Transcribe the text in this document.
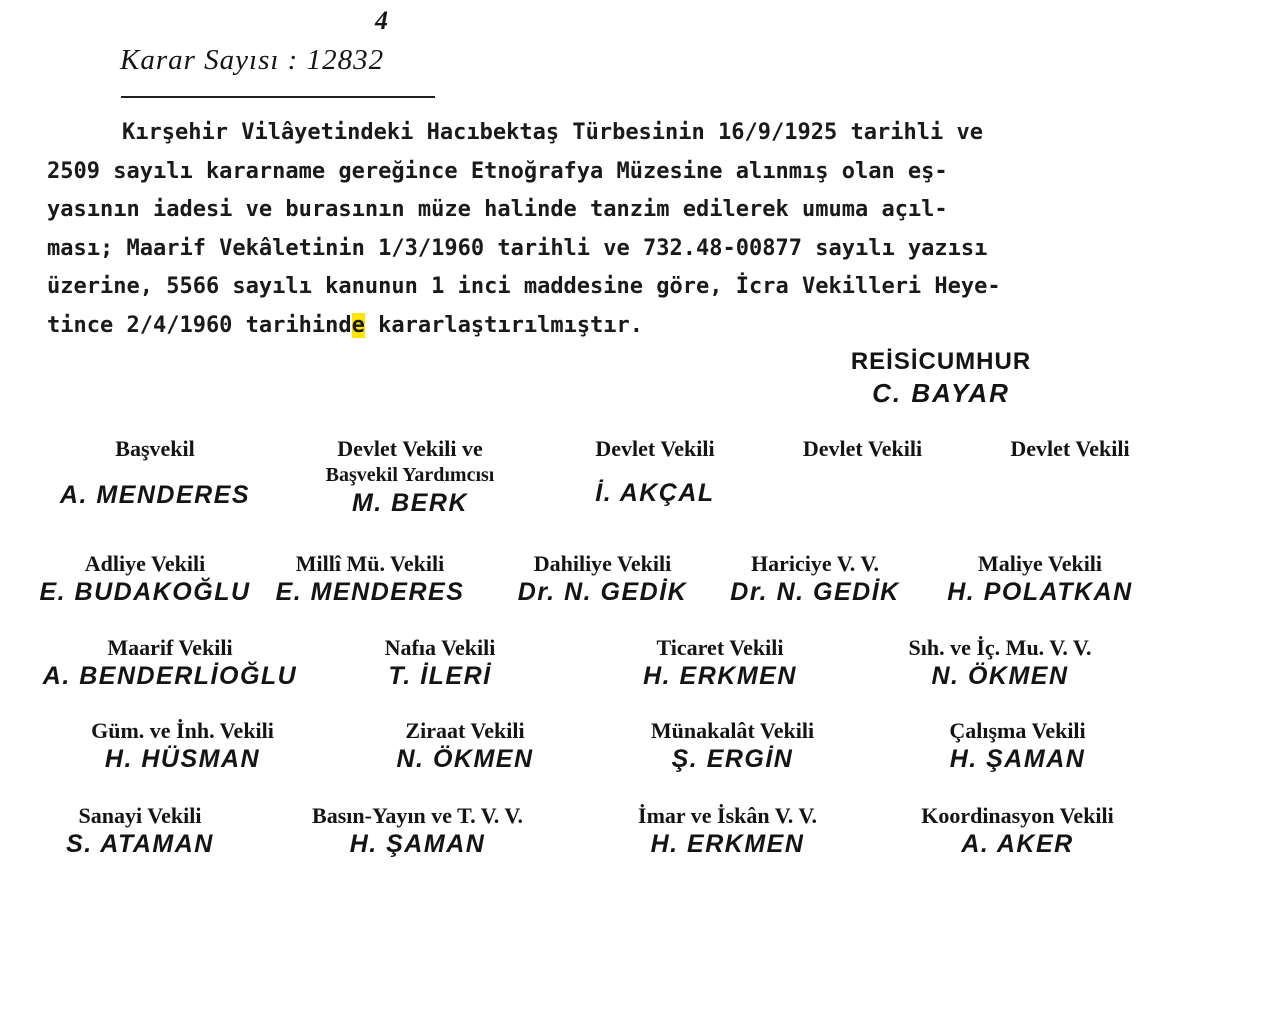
4
Karar Sayısı : 12832
Kırşehir Vilâyetindeki Hacıbektaş Türbesinin 16/9/1925 tarihli ve
2509 sayılı kararname gereğince Etnoğrafya Müzesine alınmış olan eş-
yasının iadesi ve burasının müze halinde tanzim edilerek umuma açıl-
ması; Maarif Vekâletinin 1/3/1960 tarihli ve 732.48-00877 sayılı yazısı
üzerine, 5566 sayılı kanunun 1 inci maddesine göre, İcra Vekilleri Heye-
tince 2/4/1960 tarihinde kararlaştırılmıştır.
REİSİCUMHUR
C. BAYAR
Başvekil
A. MENDERES
Devlet Vekili ve
Başvekil Yardımcısı
M. BERK
Devlet Vekili
İ. AKÇAL
Devlet Vekili	Devlet Vekili
Adliye Vekili
E. BUDAKOĞLU
Millî Mü. Vekili
E. MENDERES
Dahiliye Vekili
Dr. N. GEDİK
Hariciye V. V.
Dr. N. GEDİK
Maliye Vekili
H. POLATKAN
Maarif Vekili
A. BENDERLİOĞLU
Nafıa Vekili
T. İLERİ
Ticaret Vekili
H. ERKMEN
Sıh. ve İç. Mu. V. V.
N. ÖKMEN
Güm. ve İnh. Vekili
H. HÜSMAN
Ziraat Vekili
N. ÖKMEN
Münakalât Vekili
Ş. ERGİN
Çalışma Vekili
H. ŞAMAN
Sanayi Vekili
S. ATAMAN
Basın-Yayın ve T. V. V.
H. ŞAMAN
İmar ve İskân V. V.
H. ERKMEN
Koordinasyon Vekili
A. AKER
